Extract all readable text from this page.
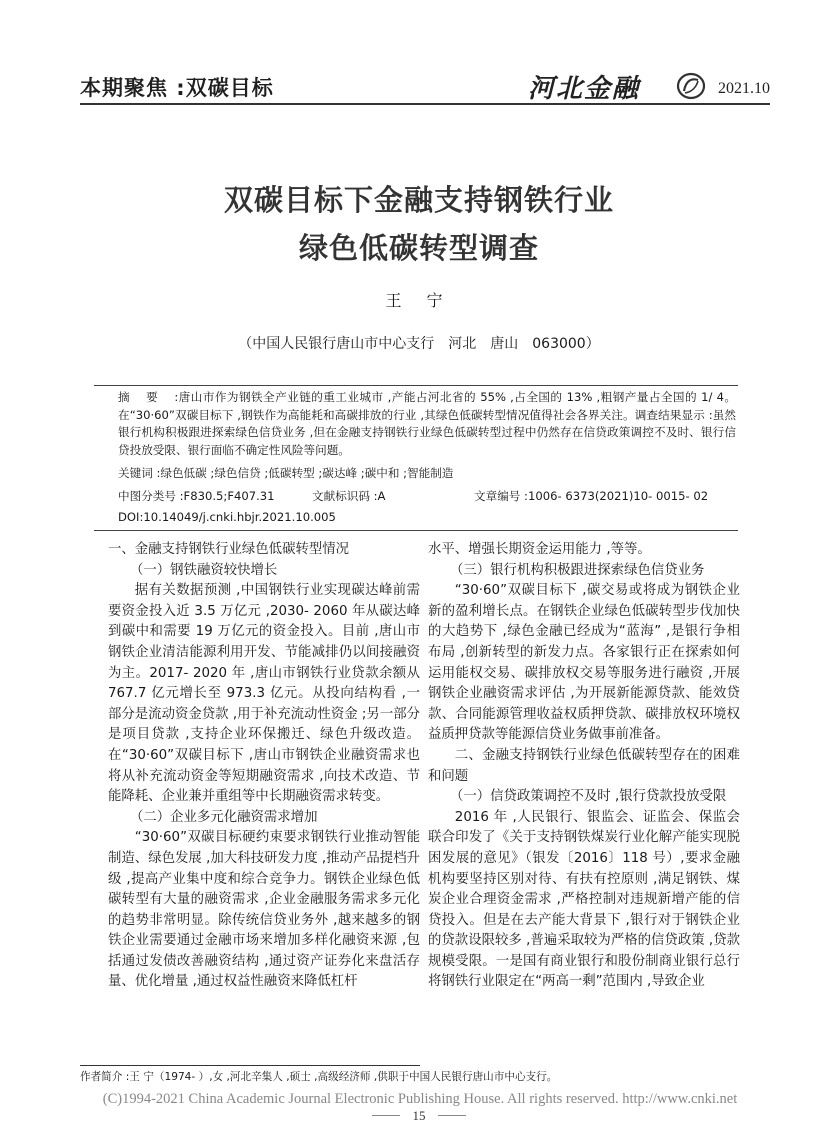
本期聚焦 :双碳目标	河北金融	2021.10
双碳目标下金融支持钢铁行业
绿色低碳转型调查
王 宁
（中国人民银行唐山市中心支行　河北　唐山　063000）
摘 要 :唐山市作为钢铁全产业链的重工业城市 ,产能占河北省的 55% ,占全国的 13% ,粗钢产量占全国的 1/ 4。在“30·60”双碳目标下 ,钢铁作为高能耗和高碳排放的行业 ,其绿色低碳转型情况值得社会各界关注。调查结果显示 :虽然银行机构积极跟进探索绿色信贷业务 ,但在金融支持钢铁行业绿色低碳转型过程中仍然存在信贷政策调控不及时、银行信贷投放受限、银行面临不确定性风险等问题。
关键词 :绿色低碳 ;绿色信贷 ;低碳转型 ;碳达峰 ;碳中和 ;智能制造
中图分类号 :F830.5;F407.31	文献标识码 :A	文章编号 :1006- 6373(2021)10- 0015- 02
DOI:10.14049/j.cnki.hbjr.2021.10.005
一、金融支持钢铁行业绿色低碳转型情况
（一）钢铁融资较快增长
据有关数据预测 ,中国钢铁行业实现碳达峰前需要资金投入近 3.5 万亿元 ,2030- 2060 年从碳达峰到碳中和需要 19 万亿元的资金投入。目前 ,唐山市钢铁企业清洁能源利用开发、节能减排仍以间接融资为主。2017- 2020 年 ,唐山市钢铁行业贷款余额从 767.7 亿元增长至 973.3 亿元。从投向结构看 ,一部分是流动资金贷款 ,用于补充流动性资金 ;另一部分是项目贷款 ,支持企业环保搬迁、绿色升级改造。在“30·60”双碳目标下 ,唐山市钢铁企业融资需求也将从补充流动资金等短期融资需求 ,向技术改造、节能降耗、企业兼并重组等中长期融资需求转变。
（二）企业多元化融资需求增加
“30·60”双碳目标硬约束要求钢铁行业推动智能制造、绿色发展 ,加大科技研发力度 ,推动产品提档升级 ,提高产业集中度和综合竞争力。钢铁企业绿色低碳转型有大量的融资需求 ,企业金融服务需求多元化的趋势非常明显。除传统信贷业务外 ,越来越多的钢铁企业需要通过金融市场来增加多样化融资来源 ,包括通过发债改善融资结构 ,通过资产证券化来盘活存量、优化增量 ,通过权益性融资来降低杠杆
水平、增强长期资金运用能力 ,等等。
（三）银行机构积极跟进探索绿色信贷业务
“30·60”双碳目标下 ,碳交易或将成为钢铁企业新的盈利增长点。在钢铁企业绿色低碳转型步伐加快的大趋势下 ,绿色金融已经成为“蓝海” ,是银行争相布局 ,创新转型的新发力点。各家银行正在探索如何运用能权交易、碳排放权交易等服务进行融资 ,开展钢铁企业融资需求评估 ,为开展新能源贷款、能效贷款、合同能源管理收益权质押贷款、碳排放权环境权益质押贷款等能源信贷业务做事前准备。
二、金融支持钢铁行业绿色低碳转型存在的困难和问题
（一）信贷政策调控不及时 ,银行贷款投放受限
2016 年 ,人民银行、银监会、证监会、保监会联合印发了《关于支持钢铁煤炭行业化解产能实现脱困发展的意见》（银发〔2016〕118 号）,要求金融机构要坚持区别对待、有扶有控原则 ,满足钢铁、煤炭企业合理资金需求 ,严格控制对违规新增产能的信贷投入。但是在去产能大背景下 ,银行对于钢铁企业的贷款设限较多 ,普遍采取较为严格的信贷政策 ,贷款规模受限。一是国有商业银行和股份制商业银行总行将钢铁行业限定在“两高一剩”范围内 ,导致企业
作者简介 :王 宁（1974- ）,女 ,河北辛集人 ,硕士 ,高级经济师 ,供职于中国人民银行唐山市中心支行。
(C)1994-2021 China Academic Journal Electronic Publishing House. All rights reserved. http://www.cnki.net
15
